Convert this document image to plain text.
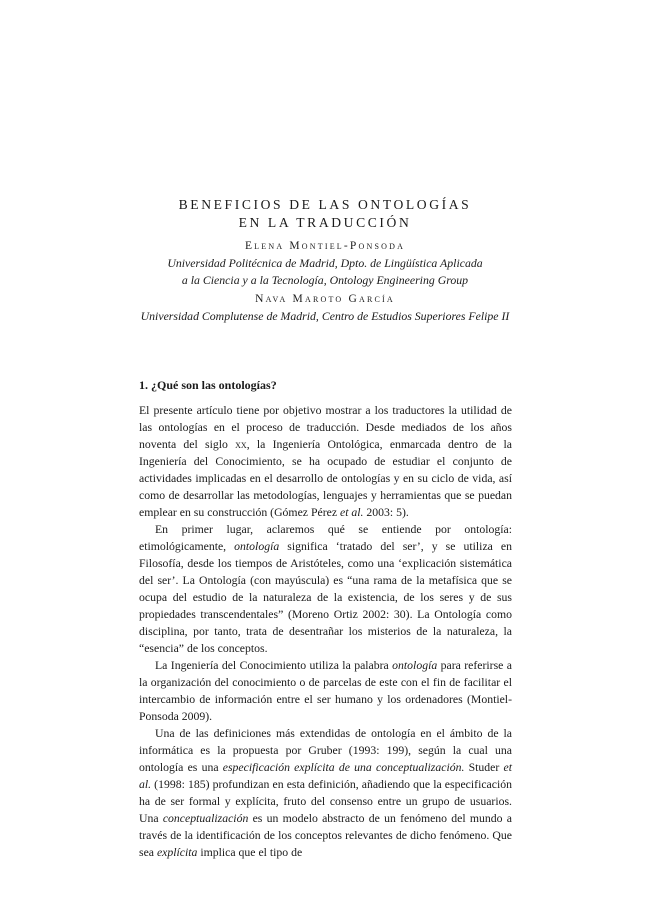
BENEFICIOS DE LAS ONTOLOGÍAS
EN LA TRADUCCIÓN
Elena Montiel-Ponsoda
Universidad Politécnica de Madrid, Dpto. de Lingüística Aplicada
a la Ciencia y a la Tecnología, Ontology Engineering Group
Nava Maroto García
Universidad Complutense de Madrid, Centro de Estudios Superiores Felipe II
1. ¿Qué son las ontologías?

El presente artículo tiene por objetivo mostrar a los traductores la utilidad de las ontologías en el proceso de traducción. Desde mediados de los años noventa del siglo xx, la Ingeniería Ontológica, enmarcada dentro de la Ingeniería del Conocimiento, se ha ocupado de estudiar el conjunto de actividades implicadas en el desarrollo de ontologías y en su ciclo de vida, así como de desarrollar las metodologías, lenguajes y herramientas que se puedan emplear en su construcción (Gómez Pérez et al. 2003: 5).

En primer lugar, aclaremos qué se entiende por ontología: etimológicamente, ontología significa ‘tratado del ser’, y se utiliza en Filosofía, desde los tiempos de Aristóteles, como una ‘explicación sistemática del ser’. La Ontología (con mayúscula) es “una rama de la metafísica que se ocupa del estudio de la naturaleza de la existencia, de los seres y de sus propiedades transcendentales” (Moreno Ortiz 2002: 30). La Ontología como disciplina, por tanto, trata de desentrañar los misterios de la naturaleza, la “esencia” de los conceptos.

La Ingeniería del Conocimiento utiliza la palabra ontología para referirse a la organización del conocimiento o de parcelas de este con el fin de facilitar el intercambio de información entre el ser humano y los ordenadores (Montiel-Ponsoda 2009).

Una de las definiciones más extendidas de ontología en el ámbito de la informática es la propuesta por Gruber (1993: 199), según la cual una ontología es una especificación explícita de una conceptualización. Studer et al. (1998: 185) profundizan en esta definición, añadiendo que la especificación ha de ser formal y explícita, fruto del consenso entre un grupo de usuarios. Una conceptualización es un modelo abstracto de un fenómeno del mundo a través de la identificación de los conceptos relevantes de dicho fenómeno. Que sea explícita implica que el tipo de
